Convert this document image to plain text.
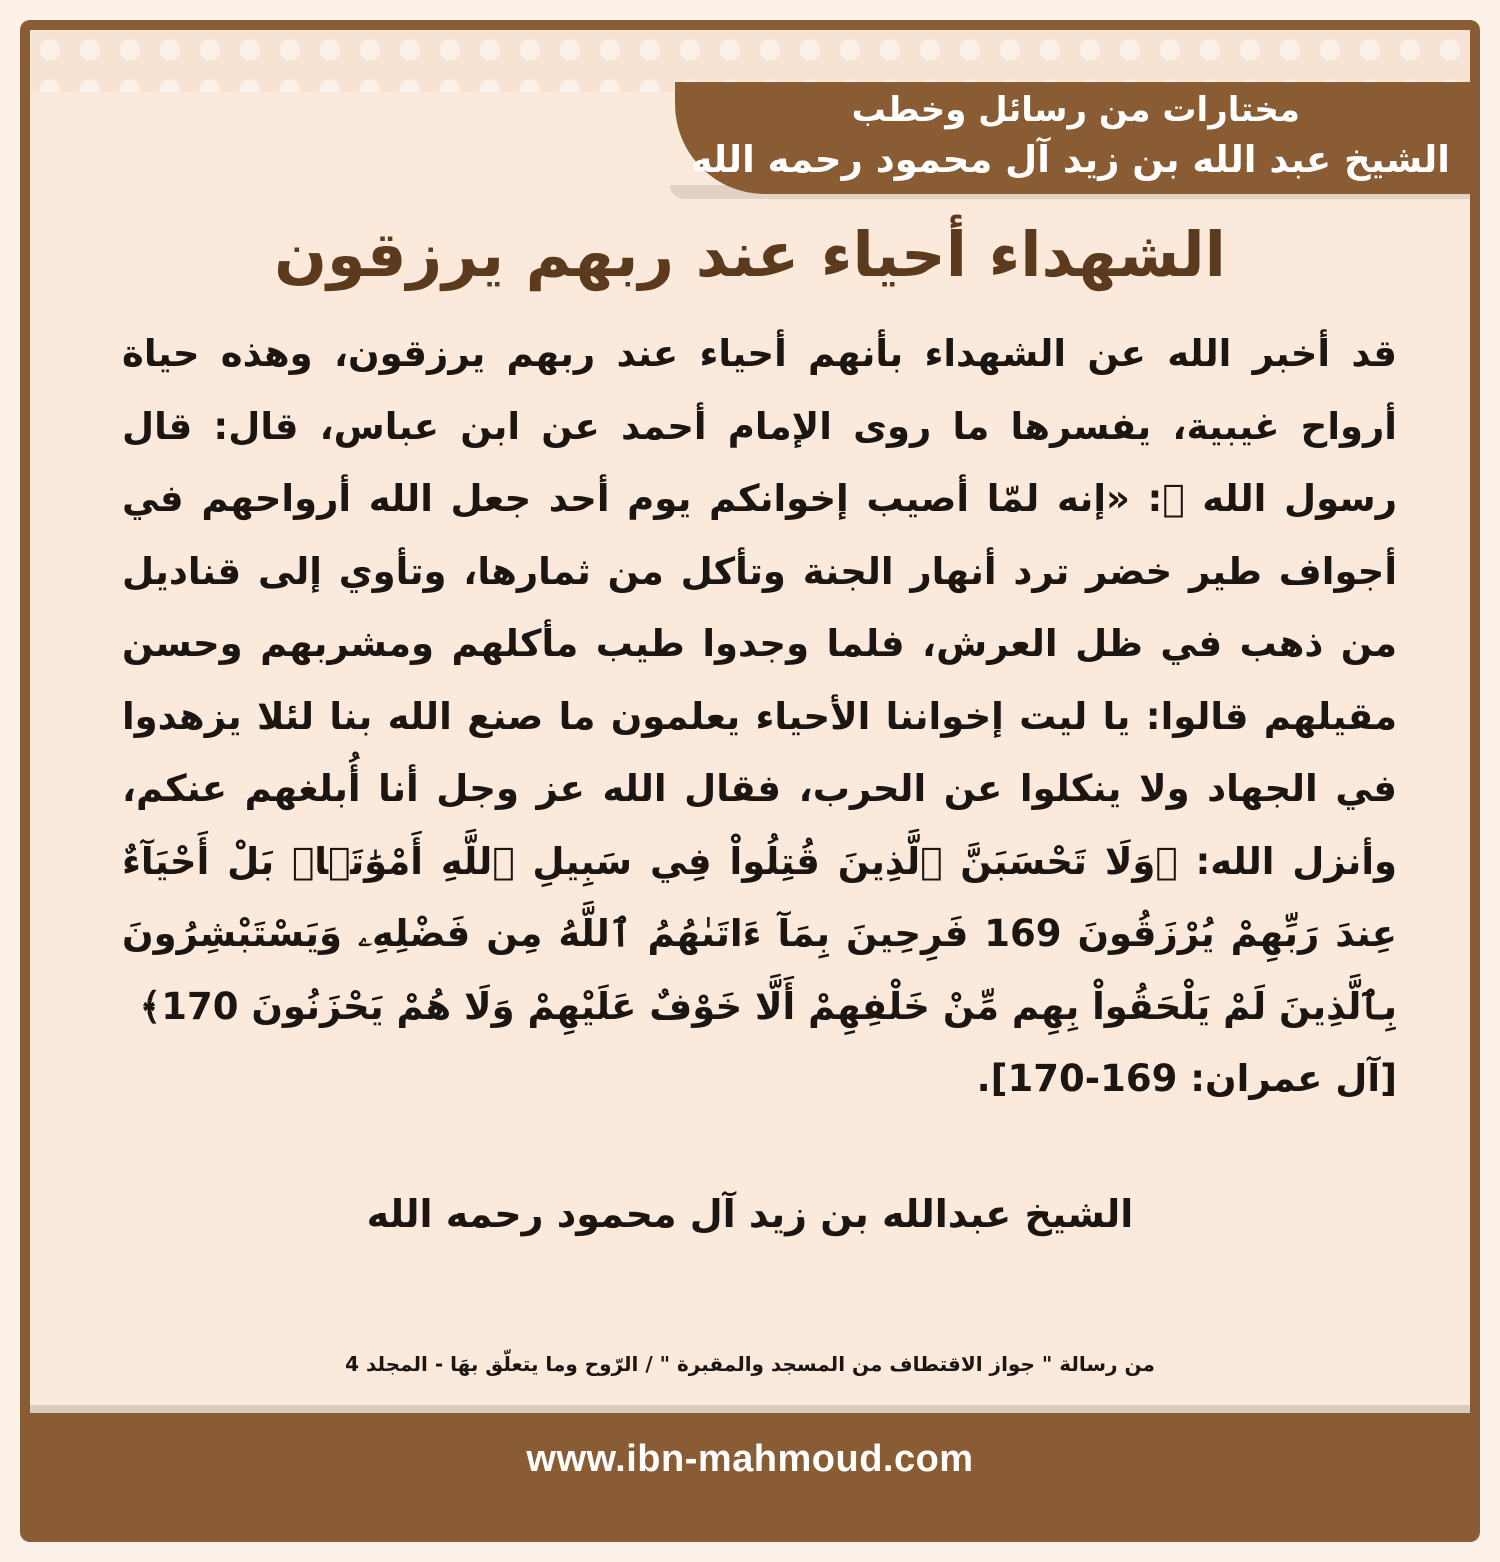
مختارات من رسائل وخطب
الشيخ عبد الله بن زيد آل محمود رحمه الله
الشهداء أحياء عند ربهم يرزقون

قد أخبر الله عن الشهداء بأنهم أحياء عند ربهم يرزقون، وهذه حياة أرواح غيبية، يفسرها ما روى الإمام أحمد عن ابن عباس، قال: قال رسول الله ﷺ: «إنه لمّا أصيب إخوانكم يوم أحد جعل الله أرواحهم في أجواف طير خضر ترد أنهار الجنة وتأكل من ثمارها، وتأوي إلى قناديل من ذهب في ظل العرش، فلما وجدوا طيب مأكلهم ومشربهم وحسن مقيلهم قالوا: يا ليت إخواننا الأحياء يعلمون ما صنع الله بنا لئلا يزهدوا في الجهاد ولا ينكلوا عن الحرب، فقال الله عز وجل أنا أُبلغهم عنكم، وأنزل الله: ﴿وَلَا تَحْسَبَنَّ ٱلَّذِينَ قُتِلُواْ فِي سَبِيلِ ٱللَّهِ أَمْوَٰتَۢاۚ بَلْ أَحْيَآءٌ عِندَ رَبِّهِمْ يُرْزَقُونَ 169 فَرِحِينَ بِمَآ ءَاتَىٰهُمُ ٱللَّهُ مِن فَضْلِهِۦ وَيَسْتَبْشِرُونَ بِٱلَّذِينَ لَمْ يَلْحَقُواْ بِهِم مِّنْ خَلْفِهِمْ أَلَّا خَوْفٌ عَلَيْهِمْ وَلَا هُمْ يَحْزَنُونَ 170﴾

[آل عمران: 169-170].
الشيخ عبدالله بن زيد آل محمود رحمه الله
من رسالة " جواز الاقتطاف من المسجد والمقبرة " / الرّوح وما يتعلّق بهَا - المجلد 4
www.ibn-mahmoud.com
